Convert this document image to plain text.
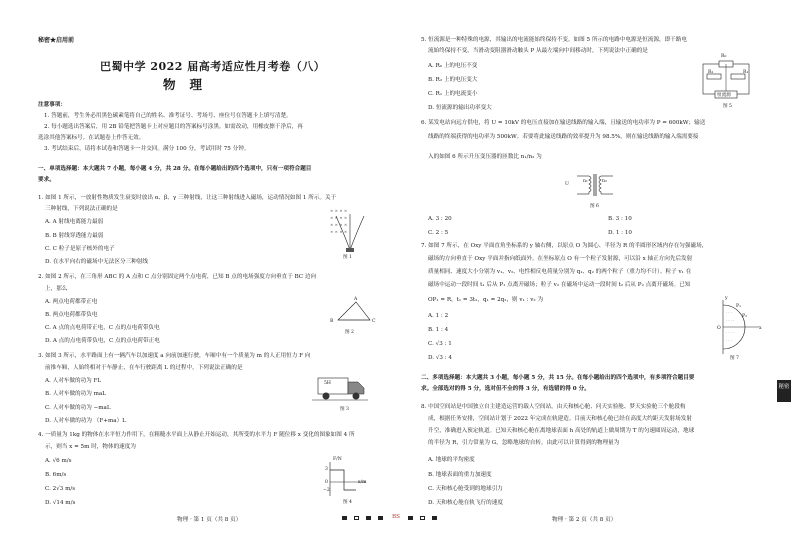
秘密★启用前
巴蜀中学 2022 届高考适应性月考卷（八）
物理
注意事项：
1. 答题前，考生务必用黑色碳素笔将自己的姓名、准考证号、考场号、座位号在答题卡上填写清楚。
2. 每小题选出答案后，用 2B 铅笔把答题卡上对应题目的答案标号涂黑。如需改动，用橡皮擦干净后，再
选涂其他答案标号。在试题卷上作答无效。
3. 考试结束后，请将本试卷和答题卡一并交回。满分 100 分，考试用时 75 分钟。
一、单项选择题：本大题共 7 小题，每小题 4 分，共 28 分。在每小题给出的四个选项中，只有一项符合题目
要求。
1. 如图 1 所示，一放射性物质发生衰变时放出 α、β、γ 三种射线，让这三种射线进入磁场，运动情况如图 1 所示。关于
三种射线，下列说法正确的是
A. A 射线电离能力最弱
B. B 射线穿透能力最弱
C. C 粒子是原子核外的电子
D. 在水平向右的磁场中无法区分三种射线
× × × ×
× × × ×
× × × ×
× × × ×
图 1
2. 如图 2 所示，在三角形 ABC 的 A 点和 C 点分别固定两个点电荷，已知 B 点的电场强度方向垂直于 BC 边向
上，那么
A. 两点电荷都带正电
B. 两点电荷都带负电
C. A 点的点电荷带正电，C 点的点电荷带负电
D. A 点的点电荷带负电，C 点的点电荷带正电
B
A
C
图 2
3. 如图 3 所示，水平路面上有一辆汽车以加速度 a 向前加速行驶，车厢中有一个质量为 m 的人正用恒力 F 向
前推车厢，人始终相对于车静止，在车行驶距离 L 的过程中，下列说法正确的是
A. 人对车做的功为 FL
B. 人对车做的功为 maL
C. 人对车做的功为 −maL
D. 人对车做的功为 （F+ma）L
5H
图 3
4. 一质量为 1kg 的物体在水平恒力作用下，在粗糙水平面上从静止开始运动，其所受的水平力 F 随位移 x 变化的图象如图 4 所
示，则当 x = 5m 时，物体的速度为
A. √6 m/s
B. 6m/s
C. 2√3 m/s
D. √14 m/s
F/N
3
0
−2
x/m
图 4
物理 · 第 1 页（共 8 页）	BS
5. 恒流源是一种特殊的电源，其输出的电流能始终保持不变。如图 5 所示的电路中电源是恒流源，即干路电
流始终保持不变，当滑动变阻器滑动触头 P 从最左端向中间移动时，下列说法中正确的是
A. R₀ 上的电压不变
B. R₂ 上的电压变大
C. R₁ 上的电流变小
D. 恒流源的输出功率变大
R₀
R₂	R₁
恒流源
图 5
6. 某发电站向远方供电，将 U = 10kV 的电压直接加在输送线路的输入端，且输送的电功率为 P = 600kW；输送
线路的终端获得的电功率为 500kW。若要将此输送线路的效率提升为 98.5%，则在输送线路的输入端需要接
入的如图 6 所示升压变压器的匝数比 n₁/n₂ 为
U
n₁	n₂
图 6
A. 3 : 20	B. 3 : 10
C. 2 : 5	D. 1 : 10
7. 如图 7 所示，在 Oxy 平面直角坐标系的 y 轴右侧，以原点 O 为圆心、半径为 R 的半圆形区域内存在匀强磁场，
磁场的方向垂直于 Oxy 平面并指向纸面外。在坐标原点 O 有一个粒子发射源，可以沿 x 轴正方向先后发射
质量相同、速度大小分别为 v₁、v₂、电性相反电荷量分别为 q₁、q₂ 的两个粒子（重力均不计）。粒子 v₁ 在
磁场中运动一段时间 t₁ 后从 P₁ 点离开磁场；粒子 v₂ 在磁场中运动一段时间 t₂ 后从 P₂ 点离开磁场。已知
OP₁ = R，t₁ = 3t₂，q₁ = 2q₂，则 v₁ : v₂ 为
A. 1 : 2
B. 1 : 4
C. √3 : 1
D. √3 : 4
· · ·
· · · ·
· · · ·
· · ·
y
P₁
P₂
O	x
图 7
二、多项选择题：本大题共 3 小题，每小题 5 分，共 15 分。在每小题给出的四个选项中，有多项符合题目要
求。全部选对的得 5 分，选对但不全的得 3 分，有选错的得 0 分。
8. 中国空间站是中国独立自主建造运营的载人空间站，由天和核心舱、问天实验舱、梦天实验舱三个舱段构
成，根据任务安排，空间站计划于 2022 年完成在轨建造。目前天和核心舱已经在高度大约距天发射场发射
升空，准确进入预定轨道。已知天和核心舱在离地球表面 h 高处的轨道上做周期为 T 的匀速圆周运动，地球
的半径为 R，引力常量为 G，忽略地球的自转。由此可以计算得到的物理量为
A. 地球的平均密度
B. 地球表面的重力加速度
C. 天和核心舱受到的地球引力
D. 天和核心舱在轨飞行的速度
物理 · 第 2 页（共 8 页）
秘密
